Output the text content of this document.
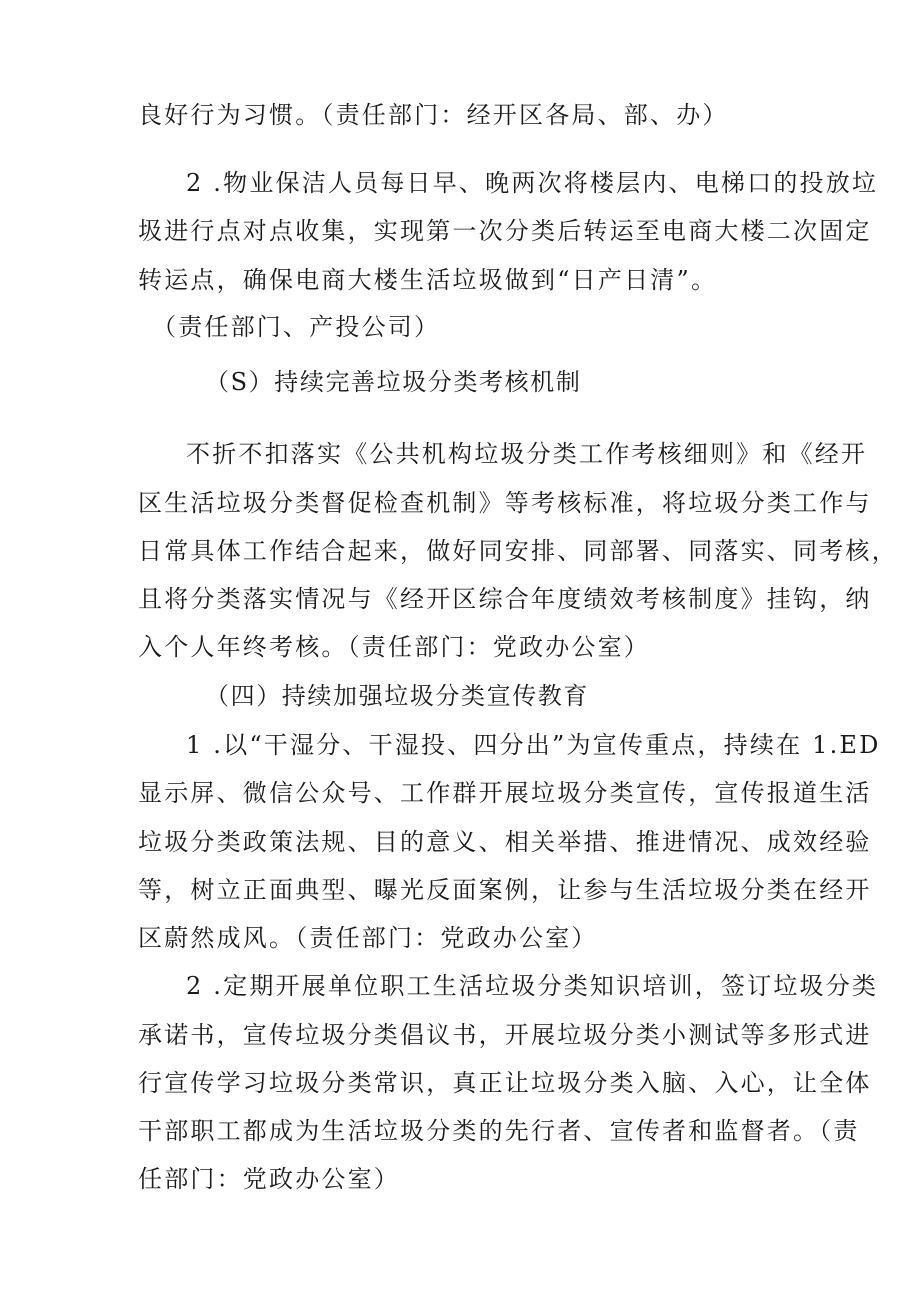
良好行为习惯。（责任部门：经开区各局、部、办）
2 .物业保洁人员每日早、晚两次将楼层内、电梯口的投放垃
圾进行点对点收集，实现第一次分类后转运至电商大楼二次固定
转运点，确保电商大楼生活垃圾做到“日产日清”。
（责任部门、产投公司）
（S）持续完善垃圾分类考核机制
不折不扣落实《公共机构垃圾分类工作考核细则》和《经开
区生活垃圾分类督促检查机制》等考核标准，将垃圾分类工作与
日常具体工作结合起来，做好同安排、同部署、同落实、同考核，
且将分类落实情况与《经开区综合年度绩效考核制度》挂钩，纳
入个人年终考核。（责任部门：党政办公室）
（四）持续加强垃圾分类宣传教育
1 .以“干湿分、干湿投、四分出”为宣传重点，持续在 1.ED
显示屏、微信公众号、工作群开展垃圾分类宣传，宣传报道生活
垃圾分类政策法规、目的意义、相关举措、推进情况、成效经验
等，树立正面典型、曝光反面案例，让参与生活垃圾分类在经开
区蔚然成风。（责任部门：党政办公室）
2 .定期开展单位职工生活垃圾分类知识培训，签订垃圾分类
承诺书，宣传垃圾分类倡议书，开展垃圾分类小测试等多形式进
行宣传学习垃圾分类常识，真正让垃圾分类入脑、入心，让全体
干部职工都成为生活垃圾分类的先行者、宣传者和监督者。（责
任部门：党政办公室）
